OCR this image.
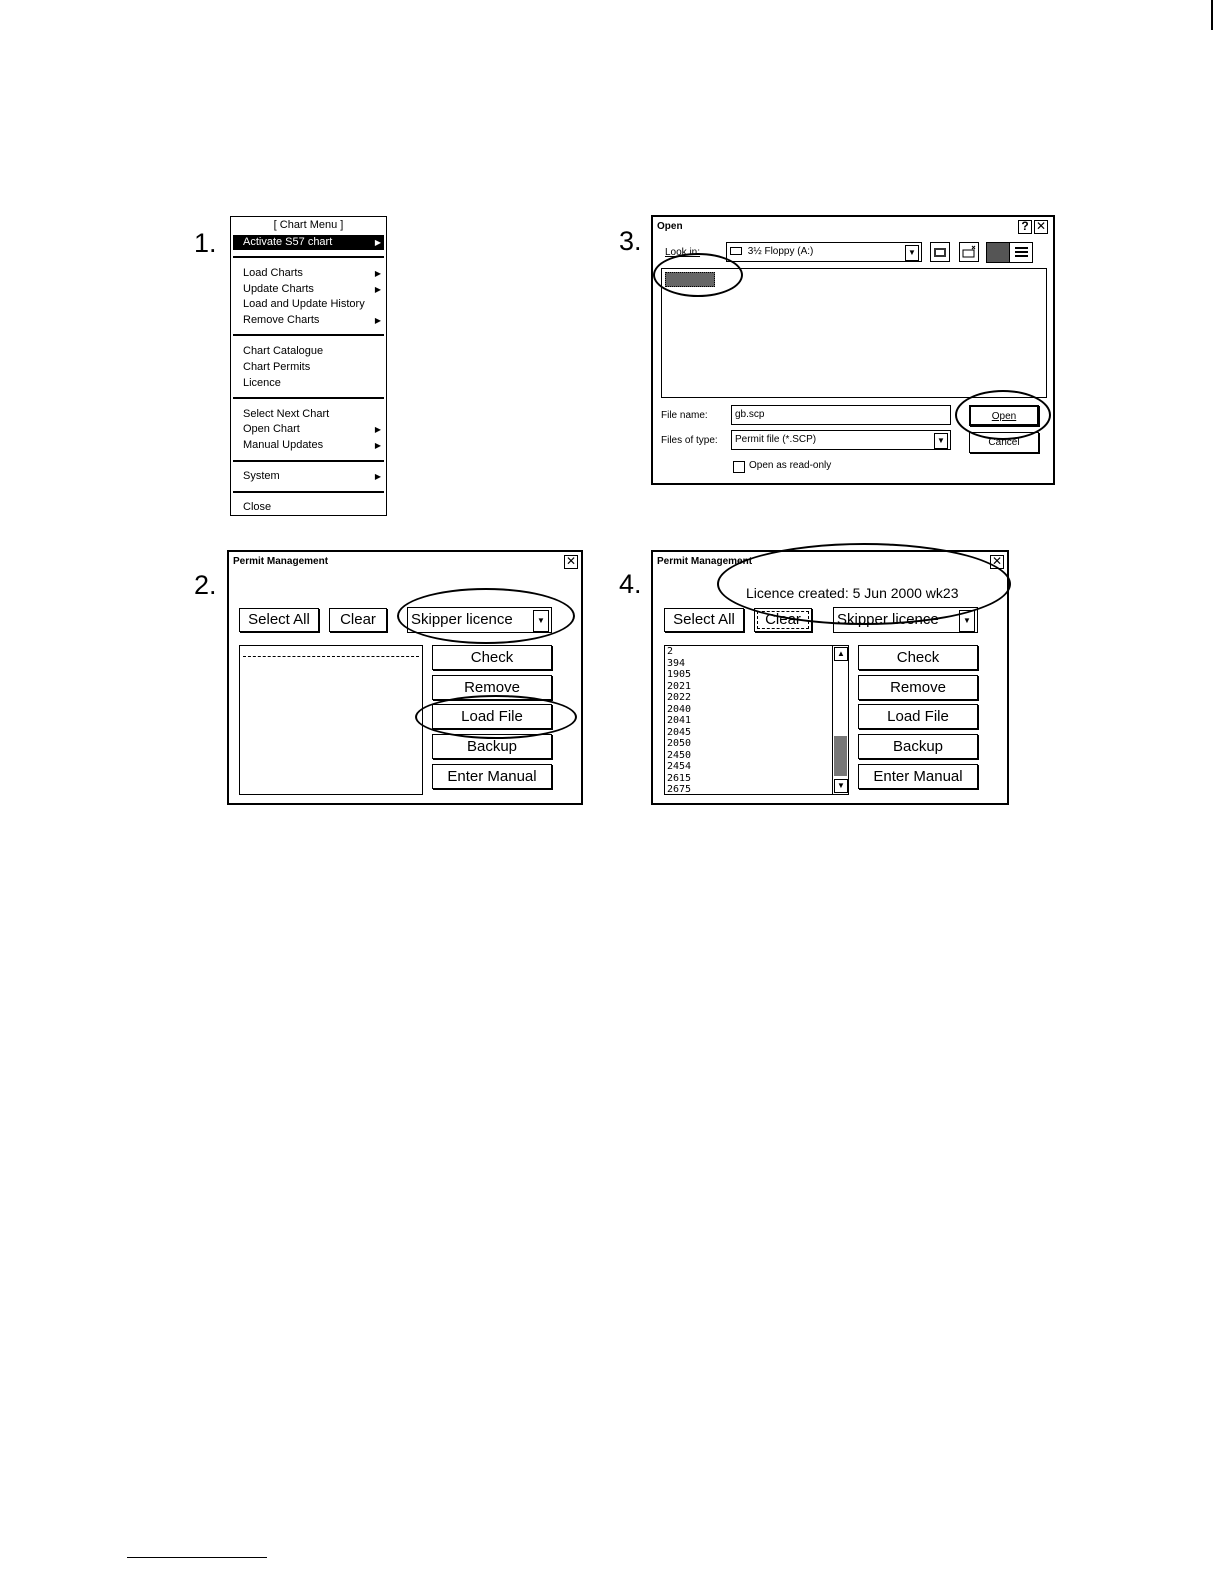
1.
2.
3.
4.
[ Chart Menu ]
Activate S57 chart	▶
Load Charts	▶
Update Charts	▶
Load and Update History
Remove Charts	▶
Chart Catalogue
Chart Permits
Licence
Select Next Chart
Open Chart	▶
Manual Updates	▶
System	▶
Close
Open	? ✕
Look in:	3½ Floppy (A:)	▼
File name:	gb.scp
Files of type:	Permit file (*.SCP)	▼
Open
Cancel
Open as read-only
Permit Management	✕
Select All	Clear	Skipper licence	▼
Check
Remove
Load File
Backup
Enter Manual
Permit Management	✕
Licence created: 5 Jun 2000 wk23
Select All	Clear	Skipper licence	▼
2
394
1905
2021
2022
2040
2041
2045
2050
2450
2454
2615
2675
▲
▼
Check
Remove
Load File
Backup
Enter Manual
